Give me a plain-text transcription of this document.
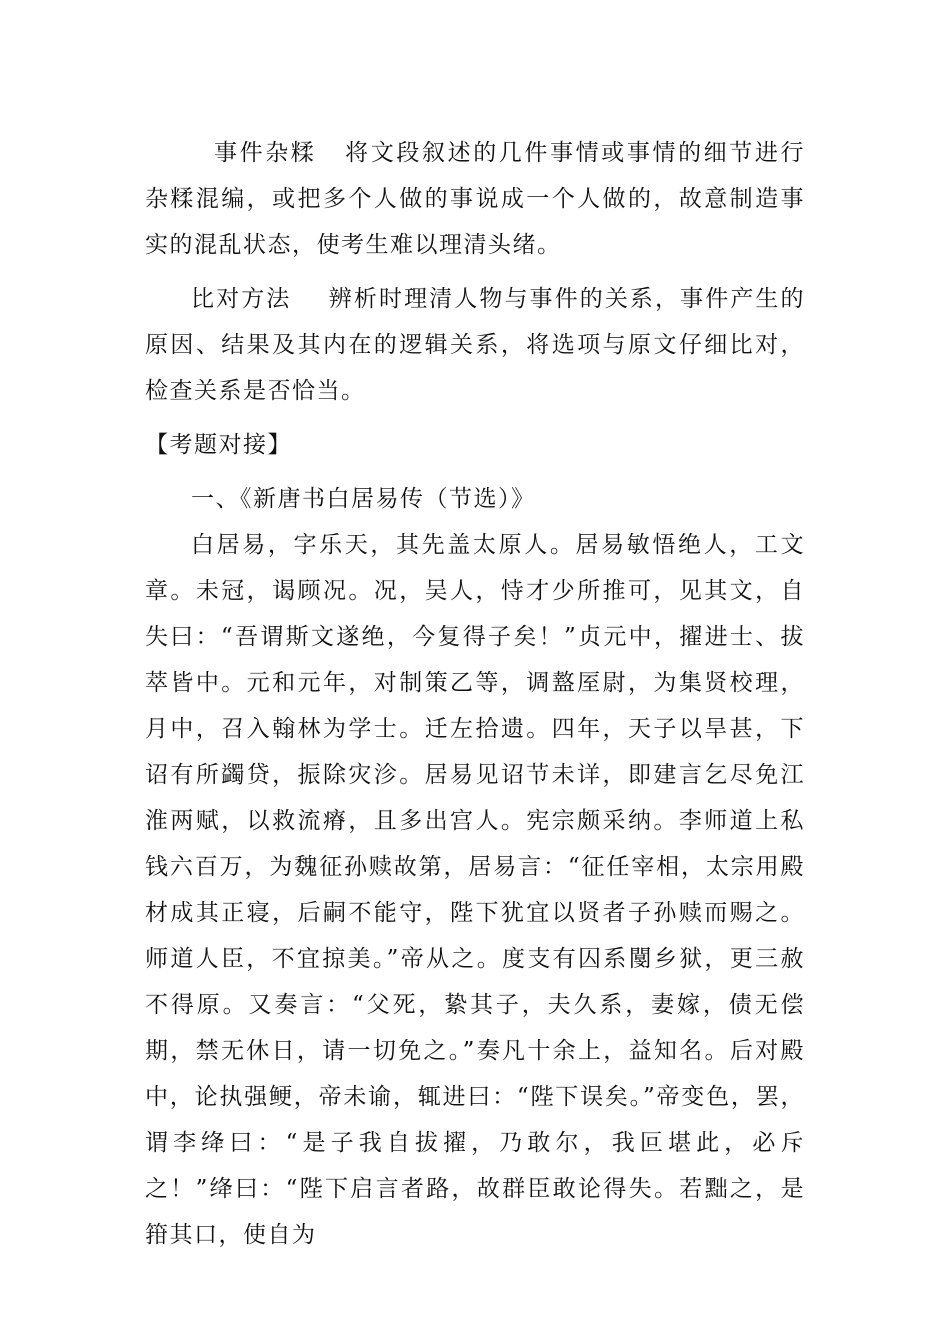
事件杂糅 将文段叙述的几件事情或事情的细节进行杂糅混编，或把多个人做的事说成一个人做的，故意制造事实的混乱状态，使考生难以理清头绪。

比对方法 辨析时理清人物与事件的关系，事件产生的原因、结果及其内在的逻辑关系，将选项与原文仔细比对，检查关系是否恰当。

【考题对接】

一、《新唐书白居易传（节选）》

白居易，字乐天，其先盖太原人。居易敏悟绝人，工文章。未冠，谒顾况。况，吴人，恃才少所推可，见其文，自失曰：“吾谓斯文遂绝，今复得子矣！”贞元中，擢进士、拔萃皆中。元和元年，对制策乙等，调盩厔尉，为集贤校理，月中，召入翰林为学士。迁左拾遗。四年，天子以旱甚，下诏有所蠲贷，振除灾沴。居易见诏节未详，即建言乞尽免江淮两赋，以救流瘠，且多出宫人。宪宗颇采纳。李师道上私钱六百万，为魏征孙赎故第，居易言：“征任宰相，太宗用殿材成其正寝，后嗣不能守，陛下犹宜以贤者子孙赎而赐之。师道人臣，不宜掠美。”帝从之。度支有囚系閺乡狱，更三赦不得原。又奏言：“父死，絷其子，夫久系，妻嫁，债无偿期，禁无休日，请一切免之。”奏凡十余上，益知名。后对殿中，论执强鲠，帝未谕，辄进曰：“陛下误矣。”帝变色，罢，谓李绛曰：“是子我自拔擢，乃敢尔，我叵堪此，必斥之！”绛曰：“陛下启言者路，故群臣敢论得失。若黜之，是箝其口，使自为
